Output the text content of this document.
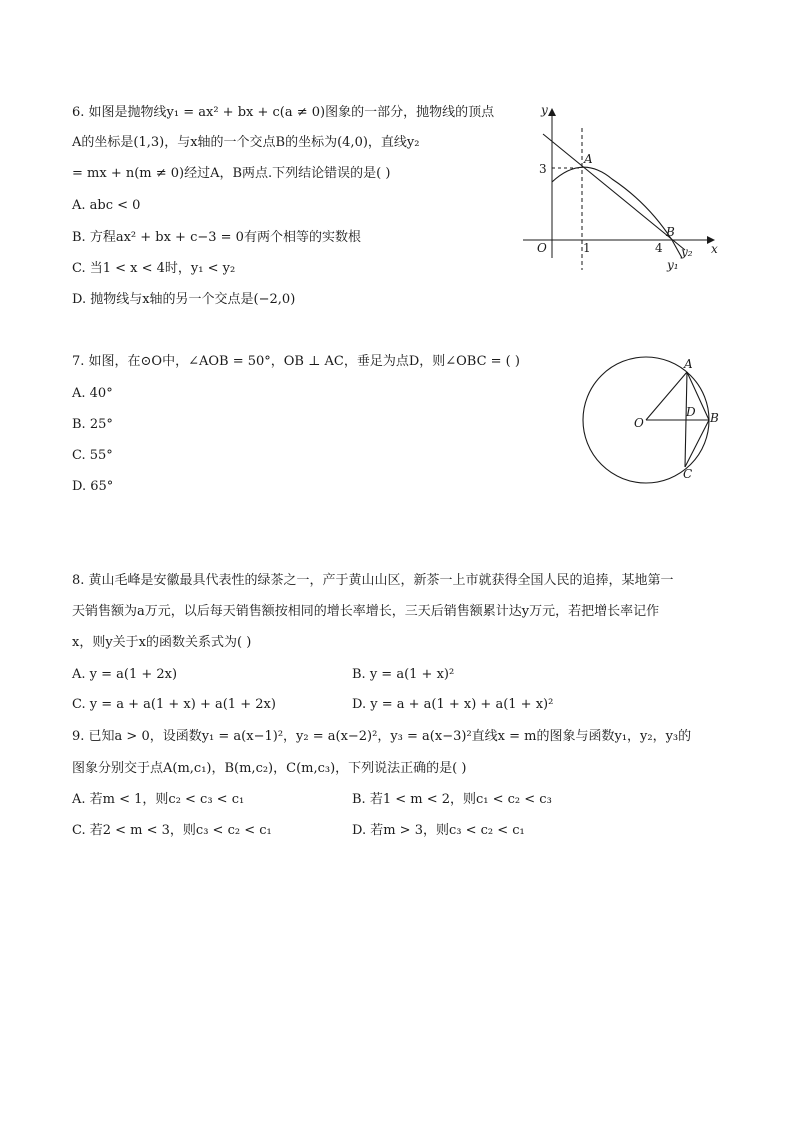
6. 如图是抛物线y₁ = ax² + bx + c(a ≠ 0)图象的一部分，抛物线的顶点
A的坐标是(1,3)，与x轴的一个交点B的坐标为(4,0)，直线y₂
= mx + n(m ≠ 0)经过A，B两点.下列结论错误的是( )
A. abc < 0
B. 方程ax² + bx + c−3 = 0有两个相等的实数根
C. 当1 < x < 4时，y₁ < y₂
D. 抛物线与x轴的另一个交点是(−2,0)
y
x
O
3
1	4
A
B
y₂
y₁
7. 如图，在⊙O中，∠AOB = 50°，OB ⊥ AC，垂足为点D，则∠OBC = ( )
A. 40°
B. 25°
C. 55°
D. 65°
O
A
B
C
D
8. 黄山毛峰是安徽最具代表性的绿茶之一，产于黄山山区，新茶一上市就获得全国人民的追捧，某地第一
天销售额为a万元，以后每天销售额按相同的增长率增长，三天后销售额累计达y万元，若把增长率记作
x，则y关于x的函数关系式为( )
A. y = a(1 + 2x)	B. y = a(1 + x)²
C. y = a + a(1 + x) + a(1 + 2x)	D. y = a + a(1 + x) + a(1 + x)²
9. 已知a > 0，设函数y₁ = a(x−1)²，y₂ = a(x−2)²，y₃ = a(x−3)²直线x = m的图象与函数y₁，y₂，y₃的
图象分别交于点A(m,c₁)，B(m,c₂)，C(m,c₃)，下列说法正确的是( )
A. 若m < 1，则c₂ < c₃ < c₁	B. 若1 < m < 2，则c₁ < c₂ < c₃
C. 若2 < m < 3，则c₃ < c₂ < c₁	D. 若m > 3，则c₃ < c₂ < c₁
